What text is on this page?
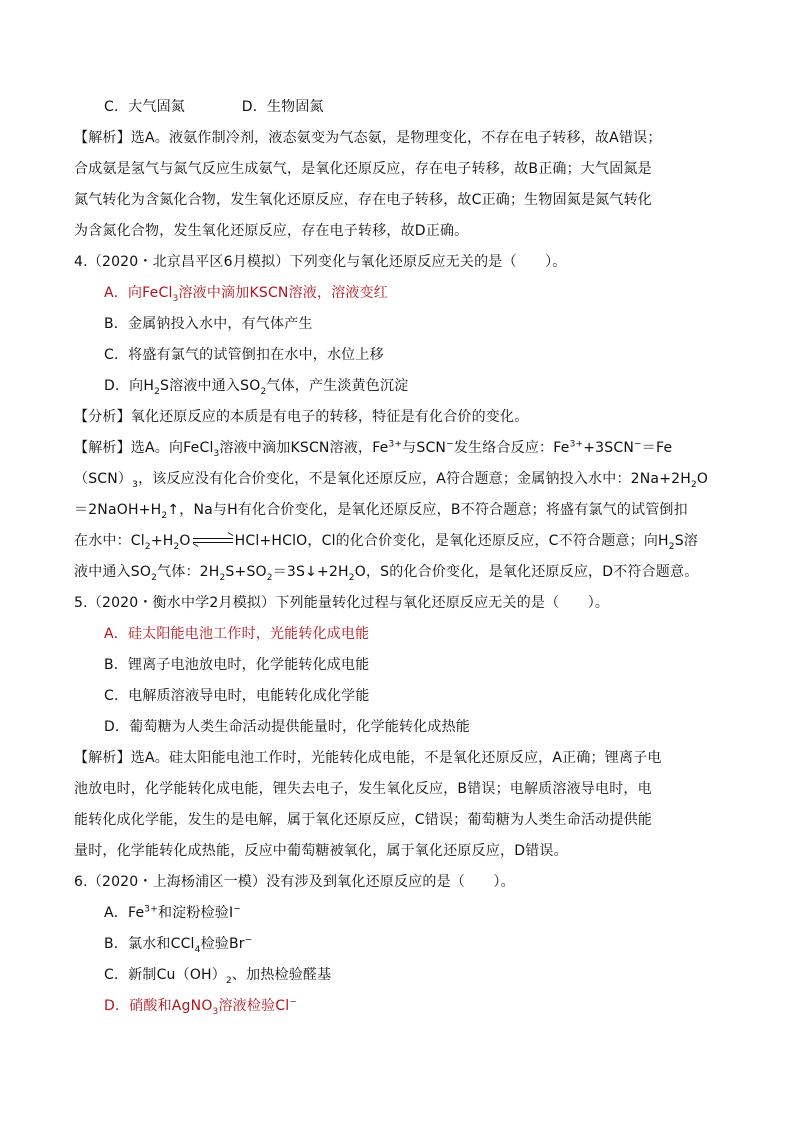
C．大气固氮　　　　D．生物固氮
【解析】选A。液氨作制冷剂，液态氨变为气态氨，是物理变化，不存在电子转移，故A错误；
合成氨是氢气与氮气反应生成氨气，是氧化还原反应，存在电子转移，故B正确；大气固氮是
氮气转化为含氮化合物，发生氧化还原反应，存在电子转移，故C正确；生物固氮是氮气转化
为含氮化合物，发生氧化还原反应，存在电子转移，故D正确。
4.（2020・北京昌平区6月模拟）下列变化与氧化还原反应无关的是（　　）。
A．向FeCl$_3$溶液中滴加KSCN溶液，溶液变红
B．金属钠投入水中，有气体产生
C．将盛有氯气的试管倒扣在水中，水位上移
D．向$H_2S$溶液中通入$SO_2$气体，产生淡黄色沉淀
【分析】氧化还原反应的本质是有电子的转移，特征是有化合价的变化。
【解析】选A。向FeCl$_3$溶液中滴加KSCN溶液，$Fe^{3+}$与SCN−发生络合反应：$Fe^{3+}+3SCN^-=Fe$
$(SCN)_3$，该反应没有化合价变化，不是氧化还原反应，A符合题意；金属钠投入水中：$2Na+2H_2O$
$=2NaOH+H_2↑$，Na与H有化合价变化，是氧化还原反应，B不符合题意；将盛有氯气的试管倒扣
在水中：$Cl_2+H_2O$	HCl+HClO，Cl的化合价变化，是氧化还原反应，C不符合题意；向$H_2S$溶
液中通入$SO_2$气体：$2H_2S+SO_2=3S↓+2H_2O$，S的化合价变化，是氧化还原反应，D不符合题意。
5.（2020・衡水中学2月模拟）下列能量转化过程与氧化还原反应无关的是（　　）。
A．硅太阳能电池工作时，光能转化成电能
B．锂离子电池放电时，化学能转化成电能
C．电解质溶液导电时，电能转化成化学能
D．葡萄糖为人类生命活动提供能量时，化学能转化成热能
【解析】选A。硅太阳能电池工作时，光能转化成电能，不是氧化还原反应，A正确；锂离子电
池放电时，化学能转化成电能，锂失去电子，发生氧化反应，B错误；电解质溶液导电时，电
能转化成化学能，发生的是电解，属于氧化还原反应，C错误；葡萄糖为人类生命活动提供能
量时，化学能转化成热能，反应中葡萄糖被氧化，属于氧化还原反应，D错误。
6.（2020・上海杨浦区一模）没有涉及到氧化还原反应的是（　　）。
A．$Fe^{3+}$和淀粉检验I−
B．氯水和CCl$_4$检验Br−
C．新制$Cu(OH)_2$、加热检验醛基
D．硝酸和AgNO$_3$溶液检验Cl−
